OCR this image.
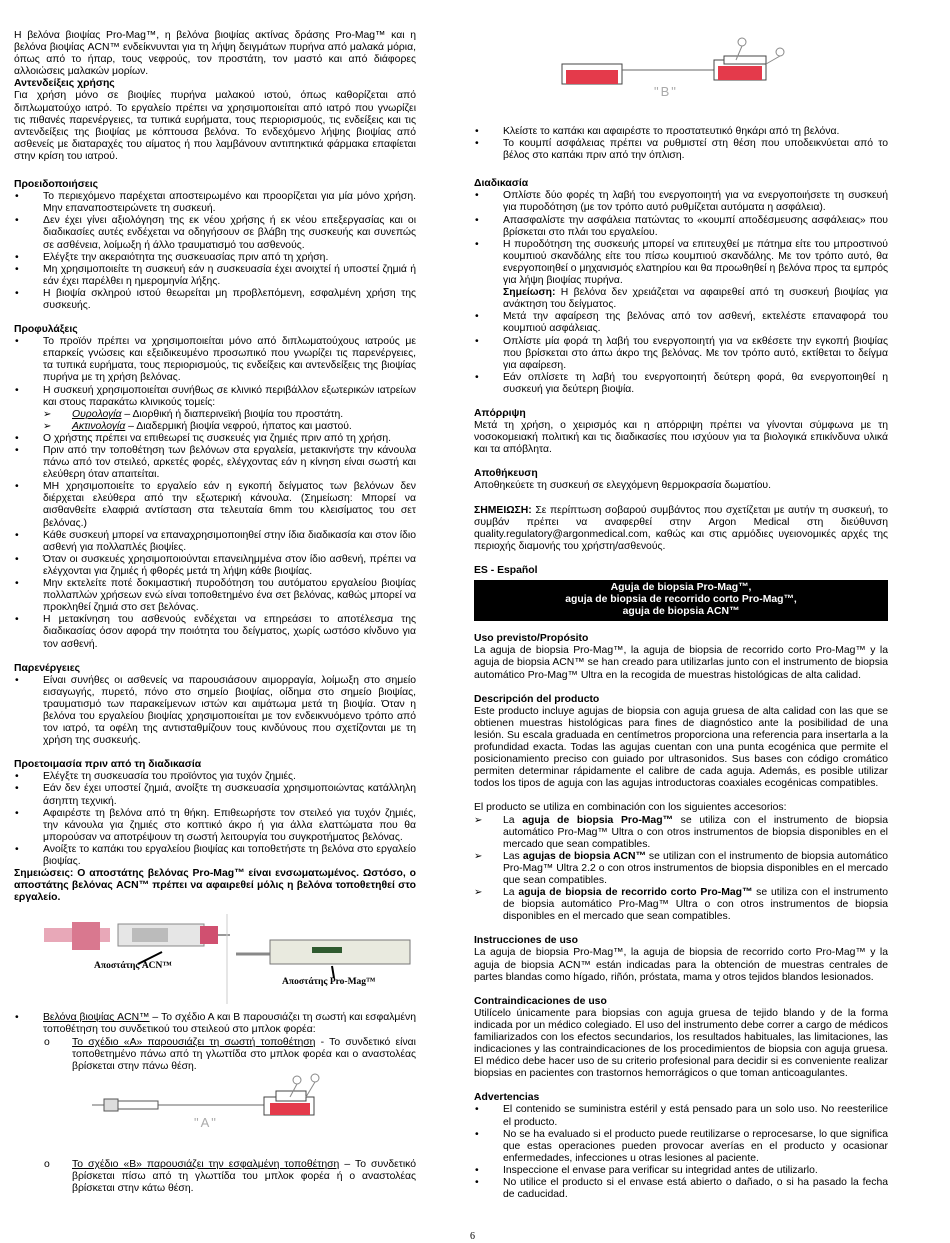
Η βελόνα βιοψίας Pro-Mag™, η βελόνα βιοψίας ακτίνας δράσης Pro-Mag™ και η βελόνα βιοψίας ACN™ ενδείκνυνται για τη λήψη δειγμάτων πυρήνα από μαλακά μόρια, όπως από το ήπαρ, τους νεφρούς, τον προστάτη, τον μαστό και από διάφορες αλλοιώσεις μαλακών μορίων.

Αντενδείξεις χρήσης

Για χρήση μόνο σε βιοψίες πυρήνα μαλακού ιστού, όπως καθορίζεται από διπλωματούχο ιατρό. Το εργαλείο πρέπει να χρησιμοποιείται από ιατρό που γνωρίζει τις πιθανές παρενέργειες, τα τυπικά ευρήματα, τους περιορισμούς, τις ενδείξεις και τις αντενδείξεις της βιοψίας με κόπτουσα βελόνα. Το ενδεχόμενο λήψης βιοψίας από ασθενείς με διαταραχές του αίματος ή που λαμβάνουν αντιπηκτικά φάρμακα επαφίεται στην κρίση του ιατρού.

Προειδοποιήσεις

• Το περιεχόμενο παρέχεται αποστειρωμένο και προορίζεται για μία μόνο χρήση. Μην επαναποστειρώνετε τη συσκευή.
• Δεν έχει γίνει αξιολόγηση της εκ νέου χρήσης ή εκ νέου επεξεργασίας και οι διαδικασίες αυτές ενδέχεται να οδηγήσουν σε βλάβη της συσκευής και συνεπώς σε ασθένεια, λοίμωξη ή άλλο τραυματισμό του ασθενούς.
• Ελέγξτε την ακεραιότητα της συσκευασίας πριν από τη χρήση.
• Μη χρησιμοποιείτε τη συσκευή εάν η συσκευασία έχει ανοιχτεί ή υποστεί ζημιά ή εάν έχει παρέλθει η ημερομηνία λήξης.
• Η βιοψία σκληρού ιστού θεωρείται μη προβλεπόμενη, εσφαλμένη χρήση της συσκευής.

Προφυλάξεις

• Το προϊόν πρέπει να χρησιμοποιείται μόνο από διπλωματούχους ιατρούς με επαρκείς γνώσεις και εξειδικευμένο προσωπικό που γνωρίζει τις παρενέργειες, τα τυπικά ευρήματα, τους περιορισμούς, τις ενδείξεις και αντενδείξεις της βιοψίας πυρήνα με τη χρήση βελόνας.
• Η συσκευή χρησιμοποιείται συνήθως σε κλινικό περιβάλλον εξωτερικών ιατρείων και στους παρακάτω κλινικούς τομείς:
➢ Ουρολογία – Διορθική ή διαπερινεϊκή βιοψία του προστάτη.
➢ Ακτινολογία – Διαδερμική βιοψία νεφρού, ήπατος και μαστού.
• Ο χρήστης πρέπει να επιθεωρεί τις συσκευές για ζημιές πριν από τη χρήση.
• Πριν από την τοποθέτηση των βελόνων στα εργαλεία, μετακινήστε την κάνουλα πάνω από τον στειλεό, αρκετές φορές, ελέγχοντας εάν η κίνηση είναι σωστή και ελεύθερη όταν απαιτείται.
• ΜΗ χρησιμοποιείτε το εργαλείο εάν η εγκοπή δείγματος των βελόνων δεν διέρχεται ελεύθερα από την εξωτερική κάνουλα. (Σημείωση: Μπορεί να αισθανθείτε ελαφριά αντίσταση στα τελευταία 6mm του κλεισίματος του σετ βελόνας.)
• Κάθε συσκευή μπορεί να επαναχρησιμοποιηθεί στην ίδια διαδικασία και στον ίδιο ασθενή για πολλαπλές βιοψίες.
• Όταν οι συσκευές χρησιμοποιούνται επανειλημμένα στον ίδιο ασθενή, πρέπει να ελέγχονται για ζημιές ή φθορές μετά τη λήψη κάθε βιοψίας.
• Μην εκτελείτε ποτέ δοκιμαστική πυροδότηση του αυτόματου εργαλείου βιοψίας πολλαπλών χρήσεων ενώ είναι τοποθετημένο ένα σετ βελόνας, καθώς μπορεί να προκληθεί ζημιά στο σετ βελόνας.
• Η μετακίνηση του ασθενούς ενδέχεται να επηρεάσει το αποτέλεσμα της διαδικασίας όσον αφορά την ποιότητα του δείγματος, χωρίς ωστόσο κίνδυνο για τον ασθενή.

Παρενέργειες

• Είναι συνήθες οι ασθενείς να παρουσιάσουν αιμορραγία, λοίμωξη στο σημείο εισαγωγής, πυρετό, πόνο στο σημείο βιοψίας, οίδημα στο σημείο βιοψίας, τραυματισμό των παρακείμενων ιστών και αιμάτωμα μετά τη βιοψία. Όταν η βελόνα του εργαλείου βιοψίας χρησιμοποιείται με τον ενδεικνυόμενο τρόπο από τον ιατρό, τα οφέλη της αντισταθμίζουν τους κινδύνους που σχετίζονται με τη χρήση της συσκευής.

Προετοιμασία πριν από τη διαδικασία

• Ελέγξτε τη συσκευασία του προϊόντος για τυχόν ζημιές.
• Εάν δεν έχει υποστεί ζημιά, ανοίξτε τη συσκευασία χρησιμοποιώντας κατάλληλη άσηπτη τεχνική.
• Αφαιρέστε τη βελόνα από τη θήκη. Επιθεωρήστε τον στειλεό για τυχόν ζημιές, την κάνουλα για ζημιές στο κοπτικό άκρο ή για άλλα ελαττώματα που θα μπορούσαν να αποτρέψουν τη σωστή λειτουργία του συγκροτήματος βελόνας.
• Ανοίξτε το καπάκι του εργαλείου βιοψίας και τοποθετήστε τη βελόνα στο εργαλείο βιοψίας.

Σημειώσεις: Ο αποστάτης βελόνας Pro-Mag™ είναι ενσωματωμένος. Ωστόσο, ο αποστάτης βελόνας ACN™ πρέπει να αφαιρεθεί μόλις η βελόνα τοποθετηθεί στο εργαλείο.

Αποστάτης ACN™
Αποστάτης Pro-Mag™
• Βελόνα βιοψίας ACN™ – Το σχέδιο Α και Β παρουσιάζει τη σωστή και εσφαλμένη τοποθέτηση του συνδετικού του στειλεού στο μπλοκ φορέα:
o Το σχέδιο «Α» παρουσιάζει τη σωστή τοποθέτηση - Το συνδετικό είναι τοποθετημένο πάνω από τη γλωττίδα στο μπλοκ φορέα και ο αναστολέας βρίσκεται στην πάνω θέση.
"A"
o Το σχέδιο «Β» παρουσιάζει την εσφαλμένη τοποθέτηση – Το συνδετικό βρίσκεται πίσω από τη γλωττίδα του μπλοκ φορέα ή ο αναστολέας βρίσκεται στην κάτω θέση.
"B"
• Κλείστε το καπάκι και αφαιρέστε το προστατευτικό θηκάρι από τη βελόνα.
• Το κουμπί ασφάλειας πρέπει να ρυθμιστεί στη θέση που υποδεικνύεται από το βέλος στο καπάκι πριν από την όπλιση.

Διαδικασία

• Οπλίστε δύο φορές τη λαβή του ενεργοποιητή για να ενεργοποιήσετε τη συσκευή για πυροδότηση (με τον τρόπο αυτό ρυθμίζεται αυτόματα η ασφάλεια).
• Απασφαλίστε την ασφάλεια πατώντας το «κουμπί αποδέσμευσης ασφάλειας» που βρίσκεται στο πλάι του εργαλείου.
• Η πυροδότηση της συσκευής μπορεί να επιτευχθεί με πάτημα είτε του μπροστινού κουμπιού σκανδάλης είτε του πίσω κουμπιού σκανδάλης. Με τον τρόπο αυτό, θα ενεργοποιηθεί ο μηχανισμός ελατηρίου και θα προωθηθεί η βελόνα προς τα εμπρός για λήψη βιοψίας πυρήνα.
Σημείωση: Η βελόνα δεν χρειάζεται να αφαιρεθεί από τη συσκευή βιοψίας για ανάκτηση του δείγματος.
• Μετά την αφαίρεση της βελόνας από τον ασθενή, εκτελέστε επαναφορά του κουμπιού ασφάλειας.
• Οπλίστε μία φορά τη λαβή του ενεργοποιητή για να εκθέσετε την εγκοπή βιοψίας που βρίσκεται στο άπω άκρο της βελόνας. Με τον τρόπο αυτό, εκτίθεται το δείγμα για αφαίρεση.
• Εάν οπλίσετε τη λαβή του ενεργοποιητή δεύτερη φορά, θα ενεργοποιηθεί η συσκευή για δεύτερη βιοψία.

Απόρριψη

Μετά τη χρήση, ο χειρισμός και η απόρριψη πρέπει να γίνονται σύμφωνα με τη νοσοκομειακή πολιτική και τις διαδικασίες που ισχύουν για τα βιολογικά επικίνδυνα υλικά και τα απόβλητα.

Αποθήκευση

Αποθηκεύετε τη συσκευή σε ελεγχόμενη θερμοκρασία δωματίου.

ΣΗΜΕΙΩΣΗ: Σε περίπτωση σοβαρού συμβάντος που σχετίζεται με αυτήν τη συσκευή, το συμβάν πρέπει να αναφερθεί στην Argon Medical στη διεύθυνση quality.regulatory@argonmedical.com, καθώς και στις αρμόδιες υγειονομικές αρχές της περιοχής διαμονής του χρήστη/ασθενούς.

ES - Español

Aguja de biopsia Pro-Mag™,
aguja de biopsia de recorrido corto Pro-Mag™,
aguja de biopsia ACN™

Uso previsto/Propósito

La aguja de biopsia Pro-Mag™, la aguja de biopsia de recorrido corto Pro-Mag™ y la aguja de biopsia ACN™ se han creado para utilizarlas junto con el instrumento de biopsia automático Pro-Mag™ Ultra en la recogida de muestras histológicas de alta calidad.

Descripción del producto

Este producto incluye agujas de biopsia con aguja gruesa de alta calidad con las que se obtienen muestras histológicas para fines de diagnóstico ante la posibilidad de una lesión. Su escala graduada en centímetros proporciona una referencia para insertarla a la profundidad exacta. Todas las agujas cuentan con una punta ecogénica que permite el posicionamiento preciso con guiado por ultrasonidos. Sus bases con código cromático permiten determinar rápidamente el calibre de cada aguja. Además, es posible utilizar todos los tipos de aguja con las agujas introductoras coaxiales ecogénicas compatibles.

El producto se utiliza en combinación con los siguientes accesorios:

➢ La aguja de biopsia Pro-Mag™ se utiliza con el instrumento de biopsia automático Pro-Mag™ Ultra o con otros instrumentos de biopsia disponibles en el mercado que sean compatibles.
➢ Las agujas de biopsia ACN™ se utilizan con el instrumento de biopsia automático Pro-Mag™ Ultra 2.2 o con otros instrumentos de biopsia disponibles en el mercado que sean compatibles.
➢ La aguja de biopsia de recorrido corto Pro-Mag™ se utiliza con el instrumento de biopsia automático Pro-Mag™ Ultra o con otros instrumentos de biopsia disponibles en el mercado que sean compatibles.

Instrucciones de uso

La aguja de biopsia Pro-Mag™, la aguja de biopsia de recorrido corto Pro-Mag™ y la aguja de biopsia ACN™ están indicadas para la obtención de muestras centrales de partes blandas como hígado, riñón, próstata, mama y otros tejidos blandos lesionados.

Contraindicaciones de uso

Utilícelo únicamente para biopsias con aguja gruesa de tejido blando y de la forma indicada por un médico colegiado. El uso del instrumento debe correr a cargo de médicos familiarizados con los efectos secundarios, los resultados habituales, las limitaciones, las indicaciones y las contraindicaciones de los procedimientos de biopsia con aguja gruesa. El médico debe hacer uso de su criterio profesional para decidir si es conveniente realizar biopsias en pacientes con trastornos hemorrágicos o que toman anticoagulantes.

Advertencias

• El contenido se suministra estéril y está pensado para un solo uso. No reesterilice el producto.
• No se ha evaluado si el producto puede reutilizarse o reprocesarse, lo que significa que estas operaciones pueden provocar averías en el producto y ocasionar enfermedades, infecciones u otras lesiones al paciente.
• Inspeccione el envase para verificar su integridad antes de utilizarlo.
• No utilice el producto si el envase está abierto o dañado, o si ha pasado la fecha de caducidad.
6
